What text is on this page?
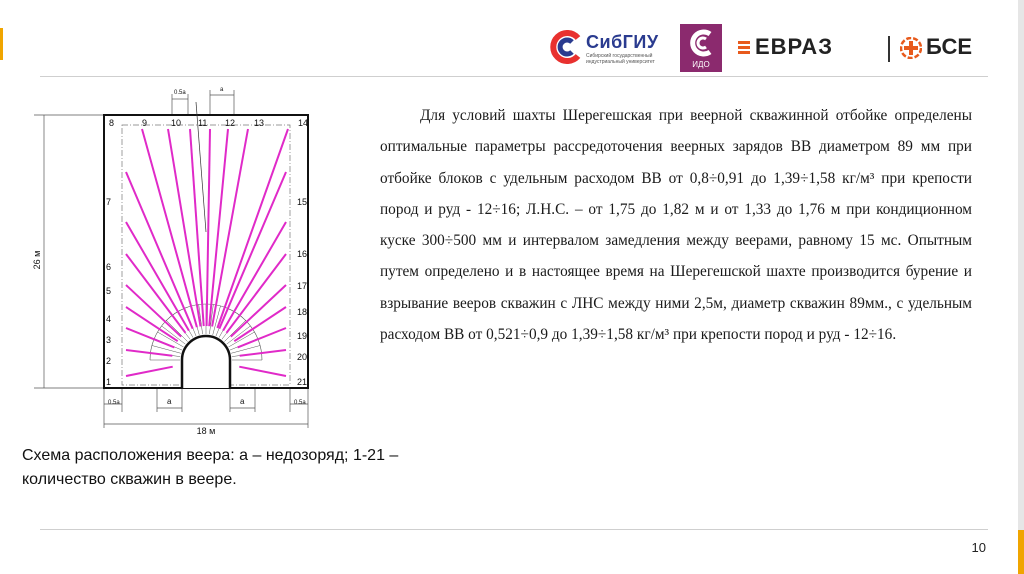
СибГИУ
Сибирский государственный индустриальный университет	ИДО
ЕВРАЗ	БСЕ
8	9	10 11 12 13	14
7
6
5
4
3
2
1
15
16
17
18
19
20
21
0.5a	a
26 м
18 м
0.5a	a	a	0.5a
Схема расположения веера: а – недозоряд; 1-21 – количество скважин в веере.
Для условий шахты Шерегешская при веерной скважинной отбойке определены оптимальные параметры рассредоточения веерных зарядов ВВ диаметром 89 мм при отбойке блоков с удельным расходом ВВ от 0,8÷0,91 до 1,39÷1,58 кг/м³ при крепости пород и руд - 12÷16; Л.Н.С. – от 1,75 до 1,82 м и от 1,33 до 1,76 м при кондиционном куске 300÷500 мм и интервалом замедления между веерами, равному 15 мс. Опытным путем определено и в настоящее время на Шерегешской шахте производится бурение и взрывание вееров скважин с ЛНС между ними 2,5м, диаметр скважин 89мм., с удельным расходом ВВ от 0,521÷0,9 до 1,39÷1,58 кг/м³ при крепости пород и руд - 12÷16.
10
